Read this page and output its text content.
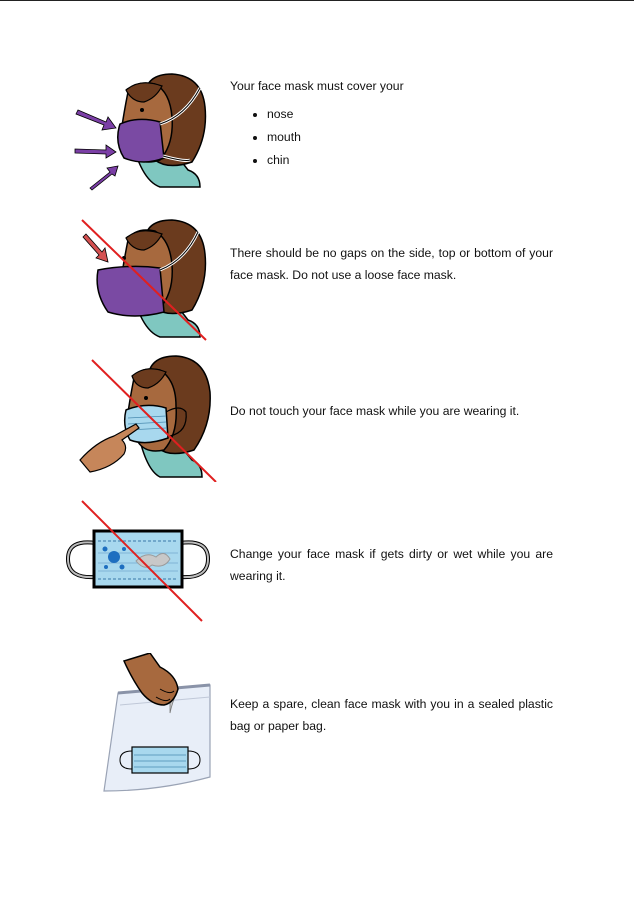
Your face mask must cover your
• nose
• mouth
• chin
There should be no gaps on the side, top or bottom of your face mask. Do not use a loose face mask.
Do not touch your face mask while you are wearing it.
Change your face mask if gets dirty or wet while you are wearing it.
Keep a spare, clean face mask with you in a sealed plastic bag or paper bag.
